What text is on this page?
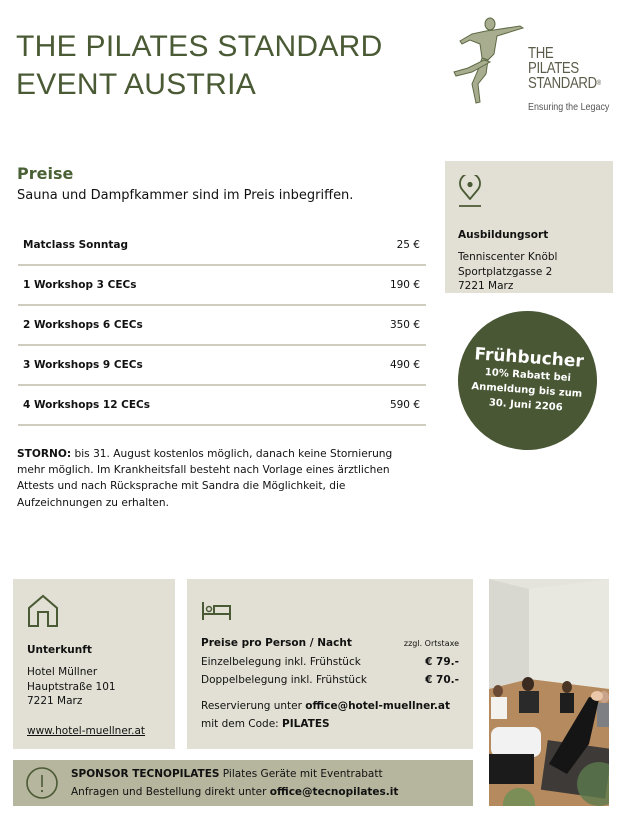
THE PILATES STANDARD
EVENT AUSTRIA
THE
PILATES
STANDARD®
Ensuring the Legacy
Preise
Sauna und Dampfkammer sind im Preis inbegriffen.
Matclass Sonntag	25 €
1 Workshop 3 CECs	190 €
2 Workshops 6 CECs	350 €
3 Workshops 9 CECs	490 €
4 Workshops 12 CECs	590 €
STORNO: bis 31. August kostenlos möglich, danach keine Stornierung mehr möglich. Im Krankheitsfall besteht nach Vorlage eines ärztlichen Attests und nach Rücksprache mit Sandra die Möglichkeit, die Aufzeichnungen zu erhalten.
Ausbildungsort
Tenniscenter Knöbl
Sportplatzgasse 2
7221 Marz
Frühbucher
10% Rabatt bei
Anmeldung bis zum
30. Juni 2206
Unterkunft
Hotel Müllner
Hauptstraße 101
7221 Marz
www.hotel-muellner.at
Preise pro Person / Nacht	zzgl. Ortstaxe
Einzelbelegung inkl. Frühstück	€ 79.-
Doppelbelegung inkl. Frühstück	€ 70.-
Reservierung unter office@hotel-muellner.at
mit dem Code: PILATES
SPONSOR TECNOPILATES Pilates Geräte mit Eventrabatt
Anfragen und Bestellung direkt unter office@tecnopilates.it
